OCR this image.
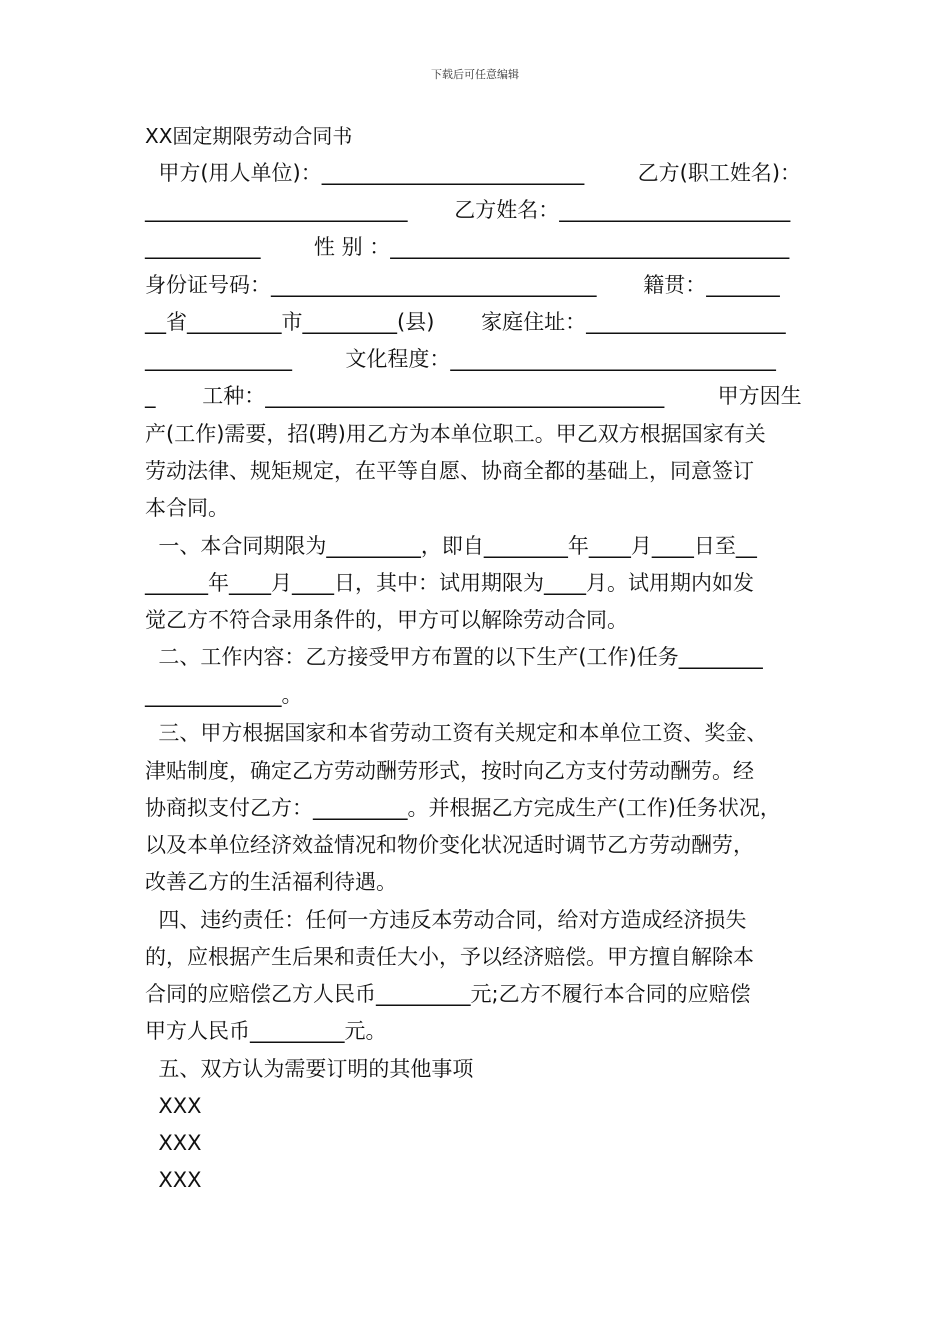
下载后可任意编辑
XX固定期限劳动合同书
甲方(用人单位)：_________________________        乙方(职工姓名)：
_________________________       乙方姓名：______________________
___________        性 别 ：______________________________________
身份证号码：_______________________________       籍贯：_______
__省_________市_________(县)       家庭住址：___________________
______________        文化程度：_______________________________
_       工种：______________________________________        甲方因生
产(工作)需要，招(聘)用乙方为本单位职工。甲乙双方根据国家有关
劳动法律、规矩规定，在平等自愿、协商全都的基础上，同意签订
本合同。
一、本合同期限为_________，即自________年____月____日至__
______年____月____日，其中：试用期限为____月。试用期内如发
觉乙方不符合录用条件的，甲方可以解除劳动合同。
二、工作内容：乙方接受甲方布置的以下生产(工作)任务________
_____________。
三、甲方根据国家和本省劳动工资有关规定和本单位工资、奖金、
津贴制度，确定乙方劳动酬劳形式，按时向乙方支付劳动酬劳。经
协商拟支付乙方：_________。并根据乙方完成生产(工作)任务状况，
以及本单位经济效益情况和物价变化状况适时调节乙方劳动酬劳，
改善乙方的生活福利待遇。
四、违约责任：任何一方违反本劳动合同，给对方造成经济损失
的，应根据产生后果和责任大小，予以经济赔偿。甲方擅自解除本
合同的应赔偿乙方人民币_________元;乙方不履行本合同的应赔偿
甲方人民币_________元。
五、双方认为需要订明的其他事项
XXX
XXX
XXX
